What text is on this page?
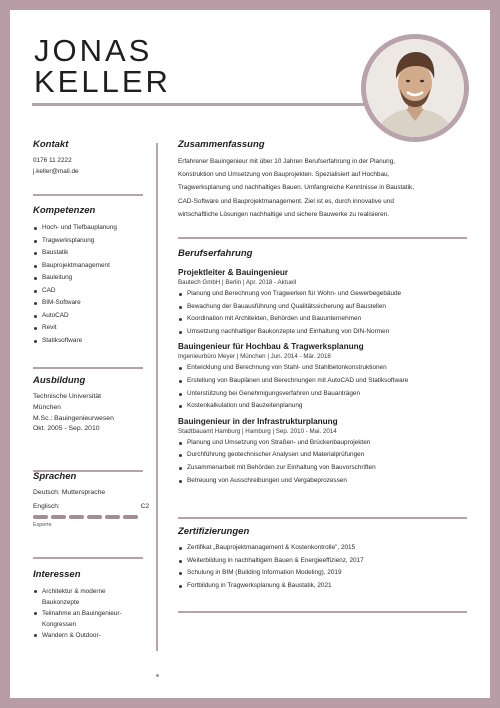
JONAS
KELLER
Kontakt
0176 11 2222
j.keller@mail.de
Kompetenzen
Hoch- und Tiefbauplanung
Tragwerksplanung
Baustatik
Bauprojektmanagement
Bauleitung
CAD
BIM-Software
AutoCAD
Revit
Statiksoftware
Ausbildung
Technische Universität
München
M.Sc.: Bauingenieurwesen
Okt. 2005 - Sep. 2010
Sprachen
Deutsch: Muttersprache
Englisch:	C2
Experte
Interessen
Architektur & moderne
Baukonzepte
Teilnahme an Bauingenieur-
Kongressen
Wandern & Outdoor-
Zusammenfassung
Erfahrener Bauingenieur mit über 10 Jahren Berufserfahrung in der Planung,
Konstruktion und Umsetzung von Bauprojekten. Spezialisiert auf Hochbau,
Tragwerksplanung und nachhaltiges Bauen. Umfangreiche Kenntnisse in Baustatik,
CAD-Software und Bauprojektmanagement. Ziel ist es, durch innovative und
wirtschaftliche Lösungen nachhaltige und sichere Bauwerke zu realisieren.
Berufserfahrung
Projektleiter & Bauingenieur
Bautech GmbH | Berlin | Apr. 2018 - Aktuell
Planung und Berechnung von Tragwerken für Wohn- und Gewerbegebäude
Bewachung der Bauausführung und Qualitätssicherung auf Baustellen
Koordination mit Architekten, Behörden und Bauunternehmen
Umsetzung nachhaltiger Baukonzepte und Einhaltung von DIN-Normen
Bauingenieur für Hochbau & Tragwerksplanung
Ingenieurbüro Meyer | München | Jun. 2014 - Mär. 2018
Entwicklung und Berechnung von Stahl- und Stahlbetonkonstruktionen
Erstellung von Bauplänen und Berechnungen mit AutoCAD und Statiksoftware
Unterstützung bei Genehmigungsverfahren und Bauanträgen
Kostenkalkulation und Bauzeitenplanung
Bauingenieur in der Infrastrukturplanung
Stadtbauamt Hamburg | Hamburg | Sep. 2010 - Mai. 2014
Planung und Umsetzung von Straßen- und Brückenbauprojekten
Durchführung geotechnischer Analysen und Materialprüfungen
Zusammenarbeit mit Behörden zur Einhaltung von Bauvorschriften
Betreuung von Ausschreibungen und Vergabeprozessen
Zertifizierungen
Zertifikat „Bauprojektmanagement & Kostenkontrolle", 2015
Weiterbildung in nachhaltigem Bauen & Energieeffizienz, 2017
Schulung in BIM (Building Information Modeling), 2019
Fortbildung in Tragwerksplanung & Baustatik, 2021
